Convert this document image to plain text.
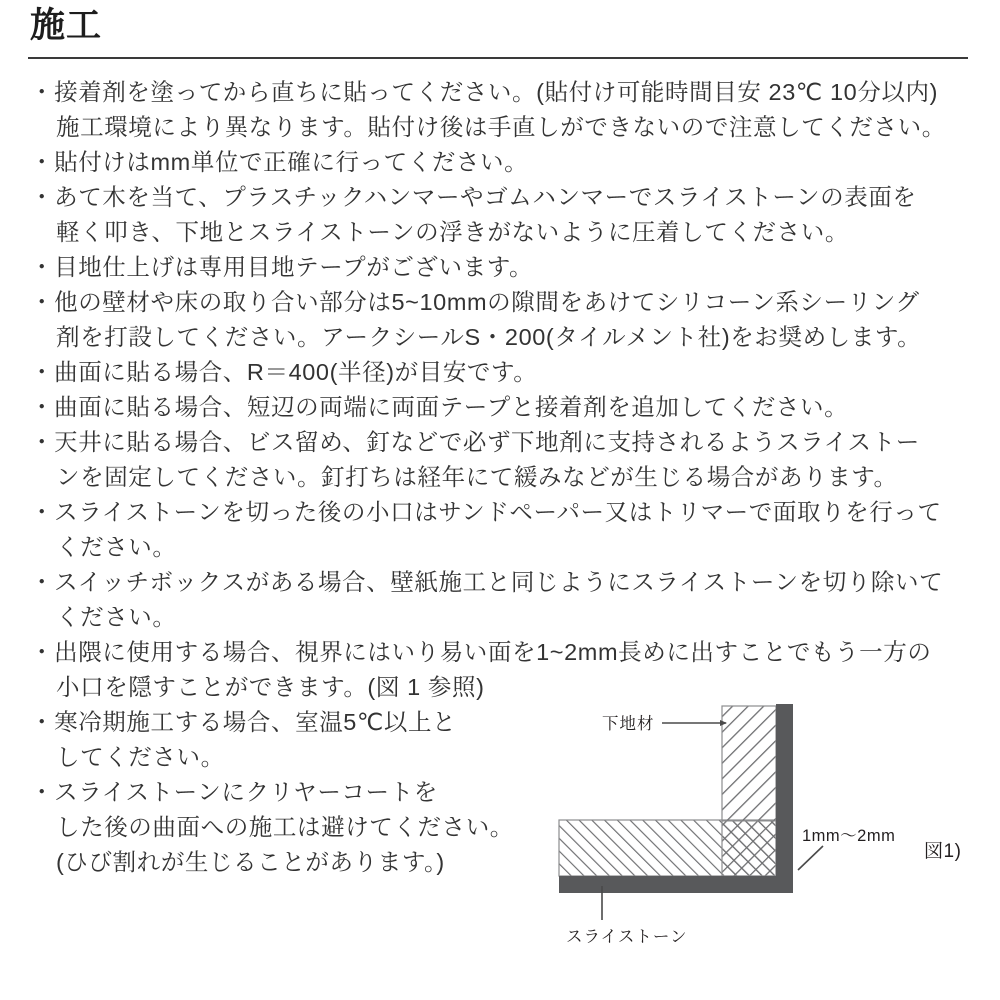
施工
・接着剤を塗ってから直ちに貼ってください。(貼付け可能時間目安 23℃ 10分以内)
施工環境により異なります。貼付け後は手直しができないので注意してください。
・貼付けはmm単位で正確に行ってください。
・あて木を当て、プラスチックハンマーやゴムハンマーでスライストーンの表面を
軽く叩き、下地とスライストーンの浮きがないように圧着してください。
・目地仕上げは専用目地テープがございます。
・他の壁材や床の取り合い部分は5~10mmの隙間をあけてシリコーン系シーリング
剤を打設してください。アークシールS・200(タイルメント社)をお奨めします。
・曲面に貼る場合、R＝400(半径)が目安です。
・曲面に貼る場合、短辺の両端に両面テープと接着剤を追加してください。
・天井に貼る場合、ビス留め、釘などで必ず下地剤に支持されるようスライストー
ンを固定してください。釘打ちは経年にて緩みなどが生じる場合があります。
・スライストーンを切った後の小口はサンドペーパー又はトリマーで面取りを行って
ください。
・スイッチボックスがある場合、壁紙施工と同じようにスライストーンを切り除いて
ください。
・出隈に使用する場合、視界にはいり易い面を1~2mm長めに出すことでもう一方の
小口を隠すことができます。(図 1 参照)
・寒冷期施工する場合、室温5℃以上と
してください。
・スライストーンにクリヤーコートを
した後の曲面への施工は避けてください。
(ひび割れが生じることがあります。)
下地材
1mm～2mm
スライストーン
図1)
